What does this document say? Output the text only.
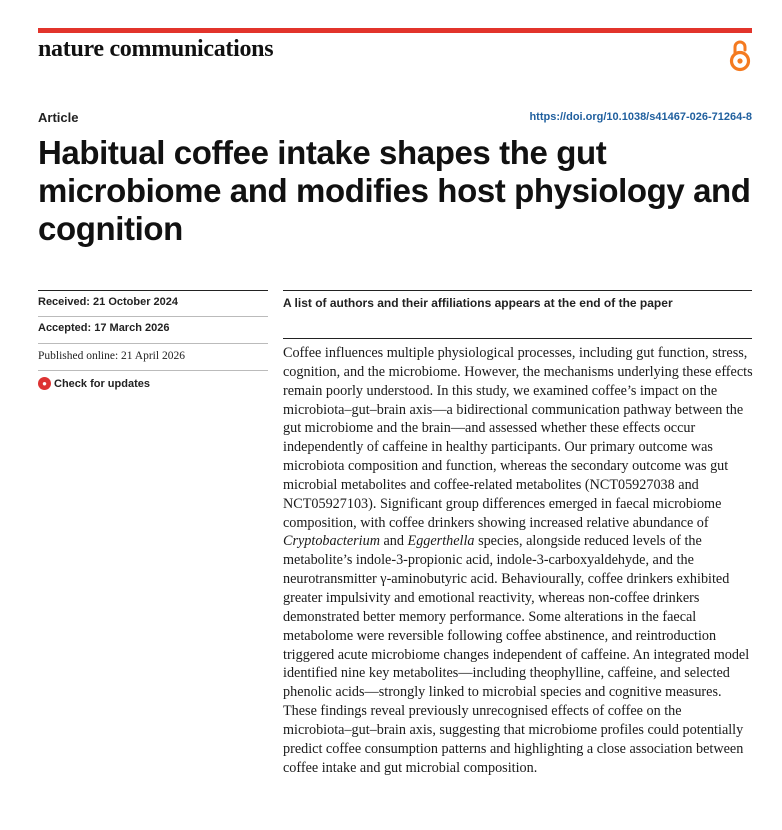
nature communications
Article	https://doi.org/10.1038/s41467-026-71264-8
Habitual coffee intake shapes the gut microbiome and modifies host physiology and cognition
Received: 21 October 2024
Accepted: 17 March 2026
Published online: 21 April 2026
● Check for updates
A list of authors and their affiliations appears at the end of the paper

Coffee influences multiple physiological processes, including gut function, stress, cognition, and the microbiome. However, the mechanisms underlying these effects remain poorly understood. In this study, we examined coffee’s impact on the microbiota–gut–brain axis—a bidirectional communication pathway between the gut microbiome and the brain—and assessed whether these effects occur independently of caffeine in healthy participants. Our primary outcome was microbiota composition and function, whereas the secondary outcome was gut microbial metabolites and coffee-related metabolites (NCT05927038 and NCT05927103). Significant group differences emerged in faecal microbiome composition, with coffee drinkers showing increased relative abundance of Cryptobacterium and Eggerthella species, alongside reduced levels of the metabolite’s indole-3-propionic acid, indole-3-carboxyaldehyde, and the neurotransmitter γ-aminobutyric acid. Behaviourally, coffee drinkers exhibited greater impulsivity and emotional reactivity, whereas non-coffee drinkers demonstrated better memory performance. Some alterations in the faecal metabolome were reversible following coffee abstinence, and reintroduction triggered acute microbiome changes independent of caffeine. An integrated model identified nine key metabolites—including theophylline, caffeine, and selected phenolic acids—strongly linked to microbial species and cognitive measures. These findings reveal previously unrecognised effects of coffee on the microbiota–gut–brain axis, suggesting that microbiome profiles could potentially predict coffee consumption patterns and highlighting a close association between coffee intake and gut microbial composition.
